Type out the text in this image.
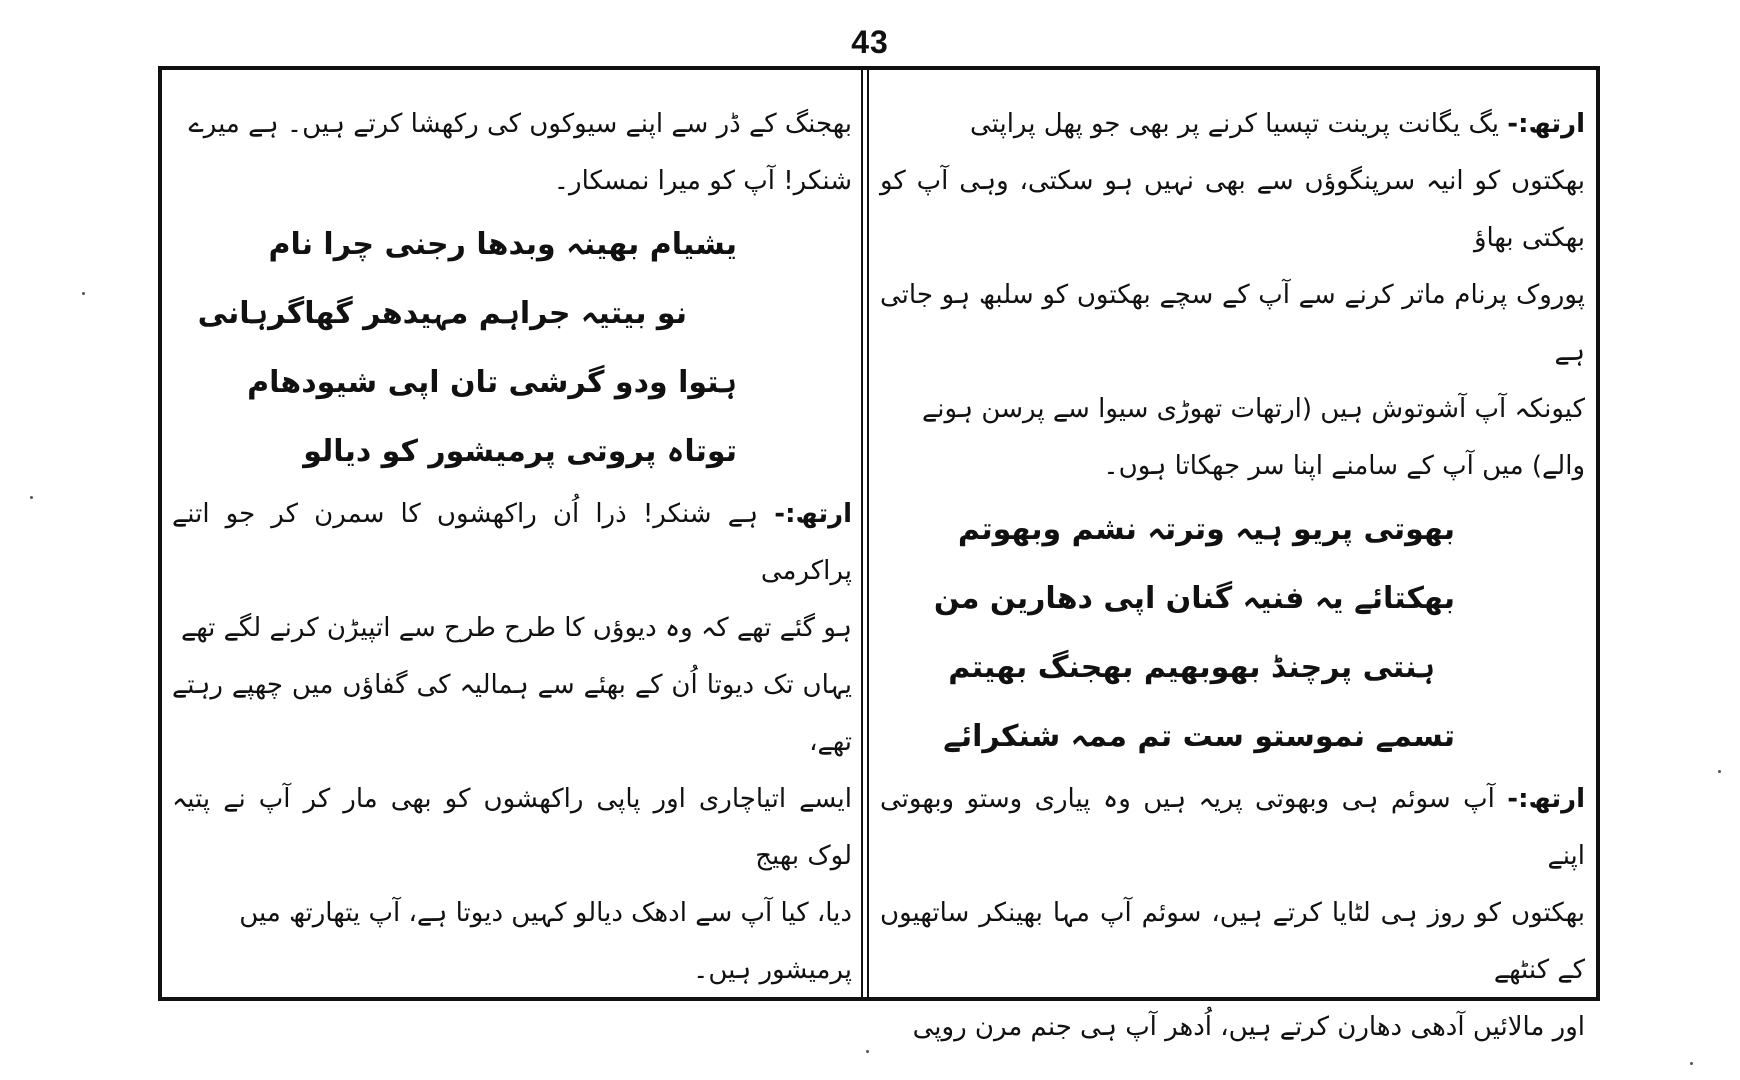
43
ارتھ:- یگ یگانت پرینت تپسیا کرنے پر بھی جو پھل پراپتی
بھکتوں کو انیہ سرپنگوؤں سے بھی نہیں ہو سکتی، وہی آپ کو بھکتی بھاؤ
پوروک پرنام ماتر کرنے سے آپ کے سچے بھکتوں کو سلبھ ہو جاتی ہے
کیونکہ آپ آشوتوش ہیں (ارتھات تھوڑی سیوا سے پرسن ہونے
والے) میں آپ کے سامنے اپنا سر جھکاتا ہوں۔
بھوتی پریو ہیہ وترتہ نشم وبھوتم
بھکتائے یہ فنیہ گنان اپی دھارین من
ہنتی پرچنڈ بھوبھیم بھجنگ بھیتم
تسمے نموستو ست تم ممہ شنکرائے
ارتھ:- آپ سوئم ہی وبھوتی پریہ ہیں وہ پیاری وستو وبھوتی اپنے
بھکتوں کو روز ہی لٹایا کرتے ہیں، سوئم آپ مہا بھینکر ساتھیوں کے کنٹھے
اور مالائیں آدھی دھارن کرتے ہیں، اُدھر آپ ہی جنم مرن روپی
بھجنگ کے ڈر سے اپنے سیوکوں کی رکھشا کرتے ہیں۔ ہے میرے
شنکر! آپ کو میرا نمسکار۔
یشیام بھینہ وبدھا رجنی چرا نام
نو بیتیہ جراہم مہیدھر گھاگرہانی
ہتوا ودو گرشی تان اپی شیودھام
توتاہ پروتی پرمیشور کو دیالو
ارتھ:- ہے شنکر! ذرا اُن راکھشوں کا سمرن کر جو اتنے پراکرمی
ہو گئے تھے کہ وہ دیوؤں کا طرح طرح سے اتپیڑن کرنے لگے تھے
یہاں تک دیوتا اُن کے بھئے سے ہمالیہ کی گفاؤں میں چھپے رہتے تھے،
ایسے اتیاچاری اور پاپی راکھشوں کو بھی مار کر آپ نے پتیہ لوک بھیج
دیا، کیا آپ سے ادھک دیالو کہیں دیوتا ہے، آپ یتھارتھ میں
پرمیشور ہیں۔
